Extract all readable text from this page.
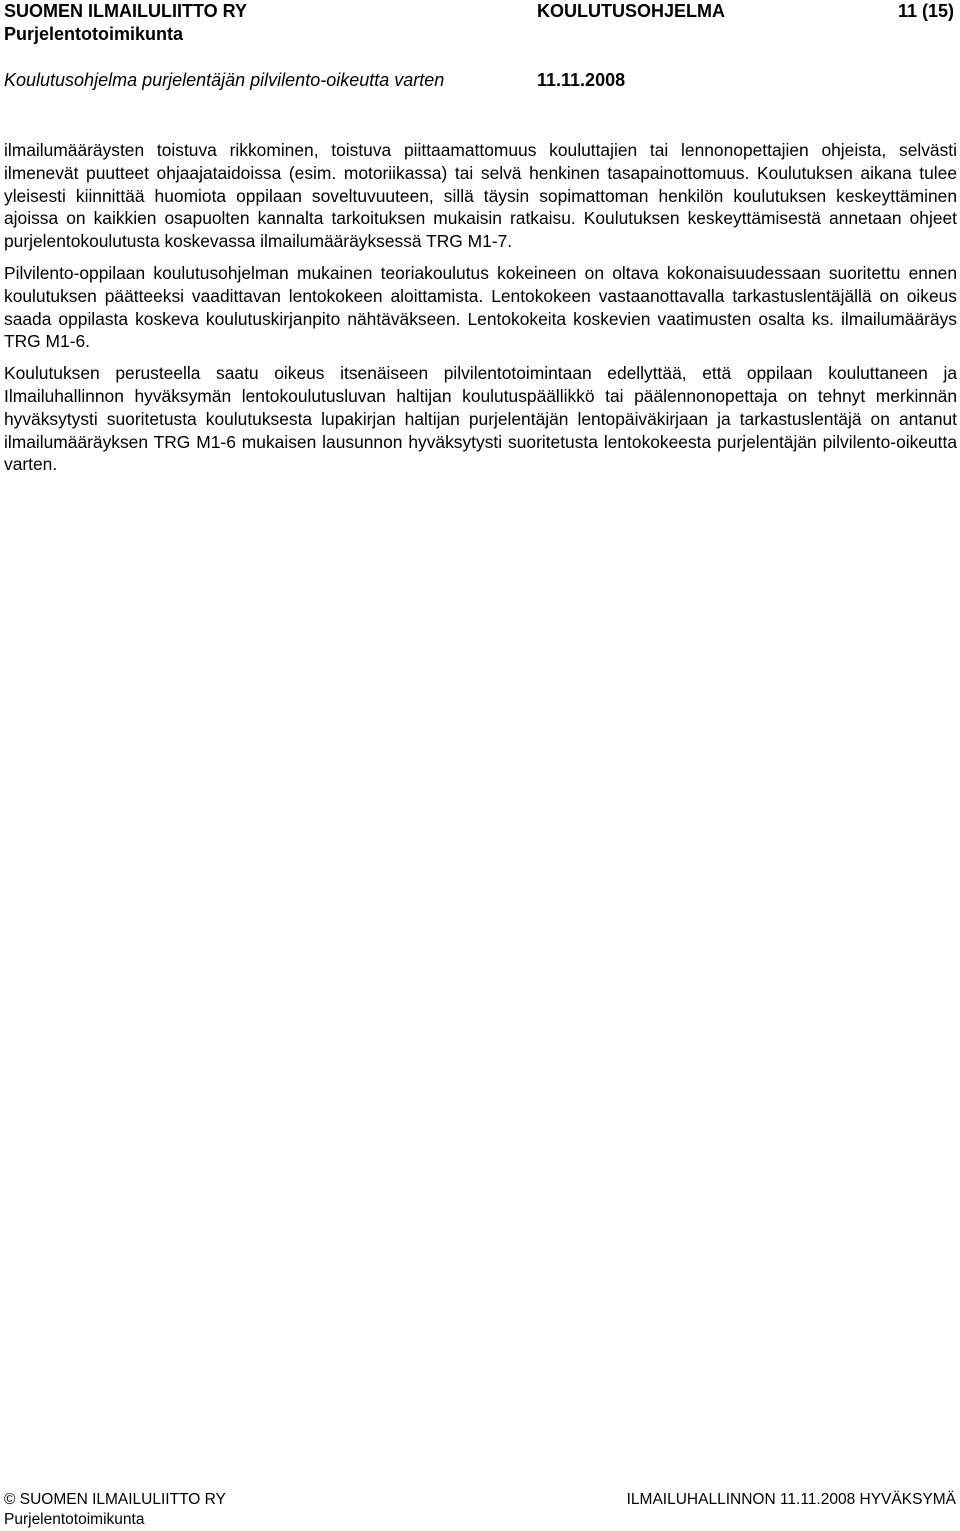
SUOMEN ILMAILULIITTO RY	KOULUTUSOHJELMA	11 (15)
Purjelentotoimikunta
Koulutusohjelma purjelentäjän pilvilento-oikeutta varten	11.11.2008

ilmailumääräysten toistuva rikkominen, toistuva piittaamattomuus kouluttajien tai lennonopettajien ohjeista, selvästi ilmenevät puutteet ohjaajataidoissa (esim. motoriikassa) tai selvä henkinen tasapainottomuus. Koulutuksen aikana tulee yleisesti kiinnittää huomiota oppilaan soveltuvuuteen, sillä täysin sopimattoman henkilön koulutuksen keskeyttäminen ajoissa on kaikkien osapuolten kannalta tarkoituksen mukaisin ratkaisu. Koulutuksen keskeyttämisestä annetaan ohjeet purjelentokoulutusta koskevassa ilmailumääräyksessä TRG M1-7.

Pilvilento-oppilaan koulutusohjelman mukainen teoriakoulutus kokeineen on oltava kokonaisuudessaan suoritettu ennen koulutuksen päätteeksi vaadittavan lentokokeen aloittamista. Lentokokeen vastaanottavalla tarkastuslentäjällä on oikeus saada oppilasta koskeva koulutuskirjanpito nähtäväkseen. Lentokokeita koskevien vaatimusten osalta ks. ilmailumääräys TRG M1-6.

Koulutuksen perusteella saatu oikeus itsenäiseen pilvilentotoimintaan edellyttää, että oppilaan kouluttaneen ja Ilmailuhallinnon hyväksymän lentokoulutusluvan haltijan koulutuspäällikkö tai päälennonopettaja on tehnyt merkinnän hyväksytysti suoritetusta koulutuksesta lupakirjan haltijan purjelentäjän lentopäiväkirjaan ja tarkastuslentäjä on antanut ilmailumääräyksen TRG M1-6 mukaisen lausunnon hyväksytysti suoritetusta lentokokeesta purjelentäjän pilvilento-oikeutta varten.

© SUOMEN ILMAILULIITTO RY	ILMAILUHALLINNON 11.11.2008 HYVÄKSYMÄ
Purjelentotoimikunta
